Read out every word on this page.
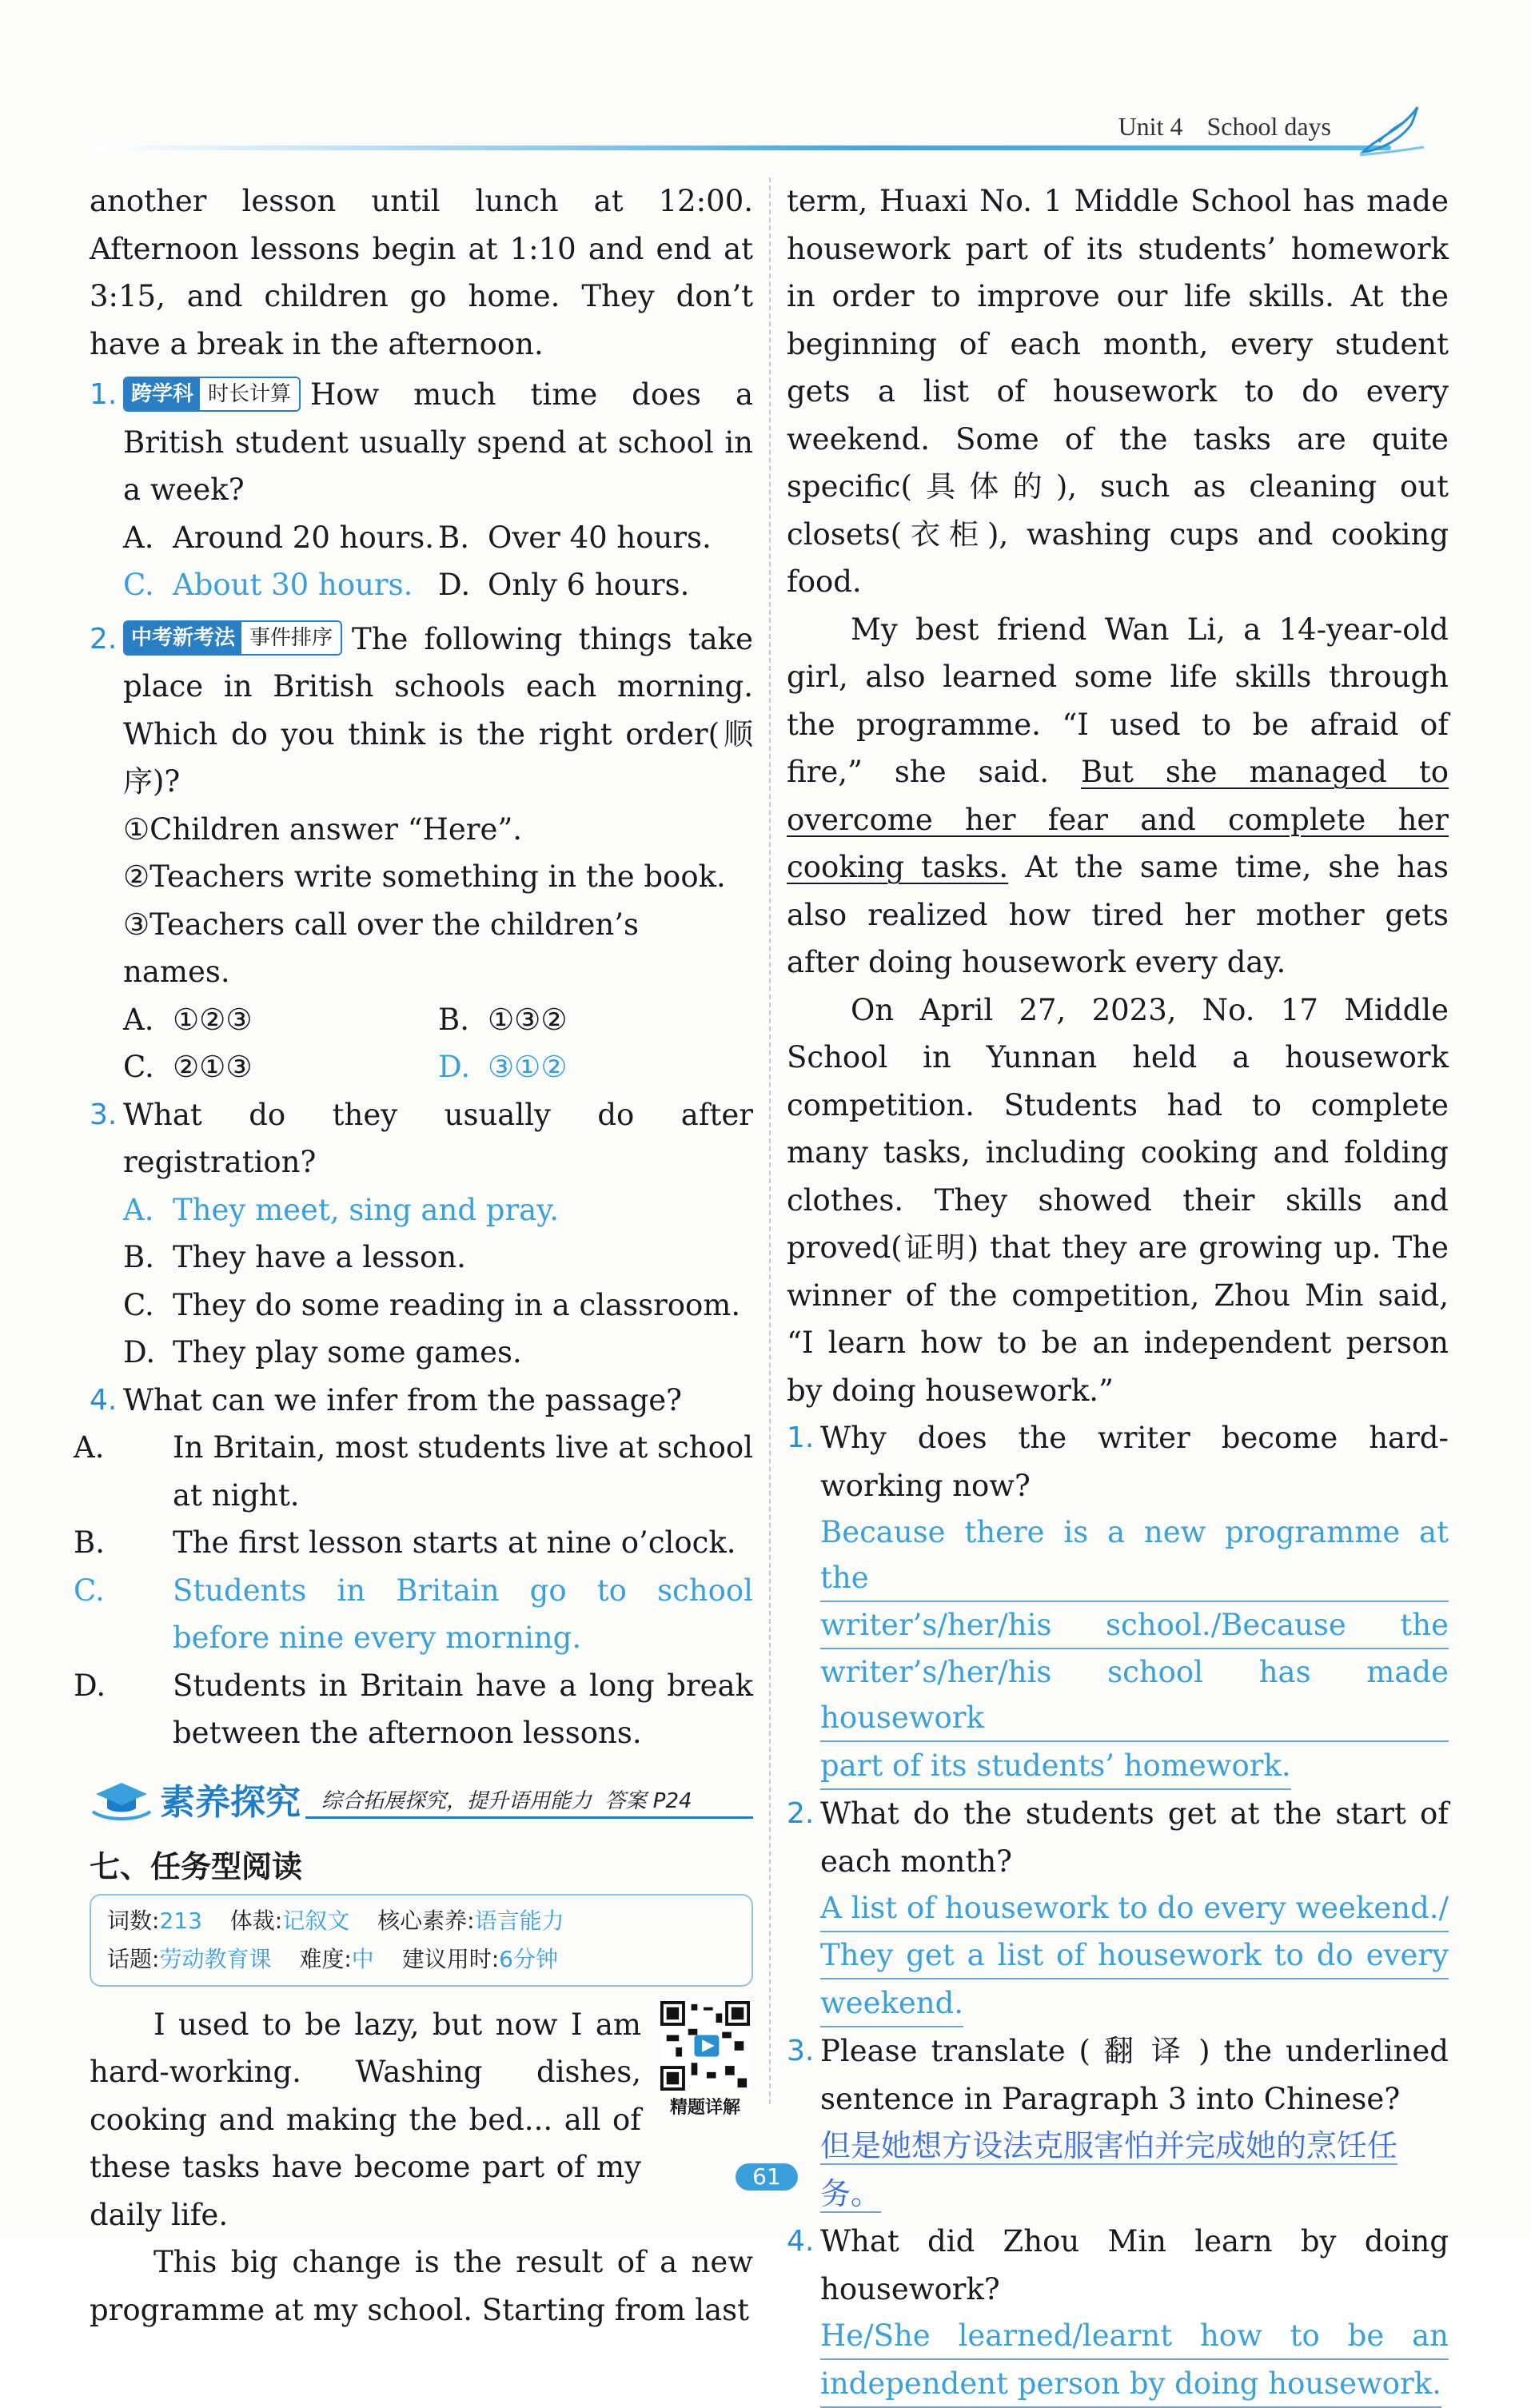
Unit 4 School days

another lesson until lunch at 12:00. Afternoon lessons begin at 1:10 and end at 3:15, and children go home. They don’t have a break in the afternoon.

1. 跨学科 时长计算 How much time does a British student usually spend at school in a week?
A. Around 20 hours. B. Over 40 hours.
C. About 30 hours. D. Only 6 hours.
2. 中考新考法 事件排序 The following things take place in British schools each morning. Which do you think is the right order(顺序)?
①Children answer “Here”.
②Teachers write something in the book.
③Teachers call over the children’s names.
A. ①②③	B. ①③②
C. ②①③	D. ③①②
3. What do they usually do after registration?
A. They meet, sing and pray.
B. They have a lesson.
C. They do some reading in a classroom.
D. They play some games.
4. What can we infer from the passage?
A. In Britain, most students live at school at night.
B. The first lesson starts at nine o’clock.
C. Students in Britain go to school before nine every morning.
D. Students in Britain have a long break between the afternoon lessons.
素养探究 综合拓展探究，提升语用能力 答案 P24
七、任务型阅读
词数:213 体裁:记叙文 核心素养:语言能力
话题:劳动教育课 难度:中 建议用时:6分钟
精题详解

I used to be lazy, but now I am hard-working. Washing dishes, cooking and making the bed... all of these tasks have become part of my daily life.

This big change is the result of a new programme at my school. Starting from last

term, Huaxi No. 1 Middle School has made housework part of its students’ homework in order to improve our life skills. At the beginning of each month, every student gets a list of housework to do every weekend. Some of the tasks are quite specific(具体的), such as cleaning out closets(衣柜), washing cups and cooking food.

My best friend Wan Li, a 14-year-old girl, also learned some life skills through the programme. “I used to be afraid of fire,” she said. But she managed to overcome her fear and complete her cooking tasks. At the same time, she has also realized how tired her mother gets after doing housework every day.

On April 27, 2023, No. 17 Middle School in Yunnan held a housework competition. Students had to complete many tasks, including cooking and folding clothes. They showed their skills and proved(证明) that they are growing up. The winner of the competition, Zhou Min said, “I learn how to be an independent person by doing housework.”

1. Why does the writer become hard-working now?
Because there is a new programme at the
writer’s/her/his school./Because the
writer’s/her/his school has made housework
part of its students’ homework.
2. What do the students get at the start of each month?
A list of housework to do every weekend./
They get a list of housework to do every
weekend.
3. Please translate ( 翻 译 ) the underlined sentence in Paragraph 3 into Chinese?
但是她想方设法克服害怕并完成她的烹饪任务。
4. What did Zhou Min learn by doing housework?
He/She learned/learnt how to be an
independent person by doing housework.
61
